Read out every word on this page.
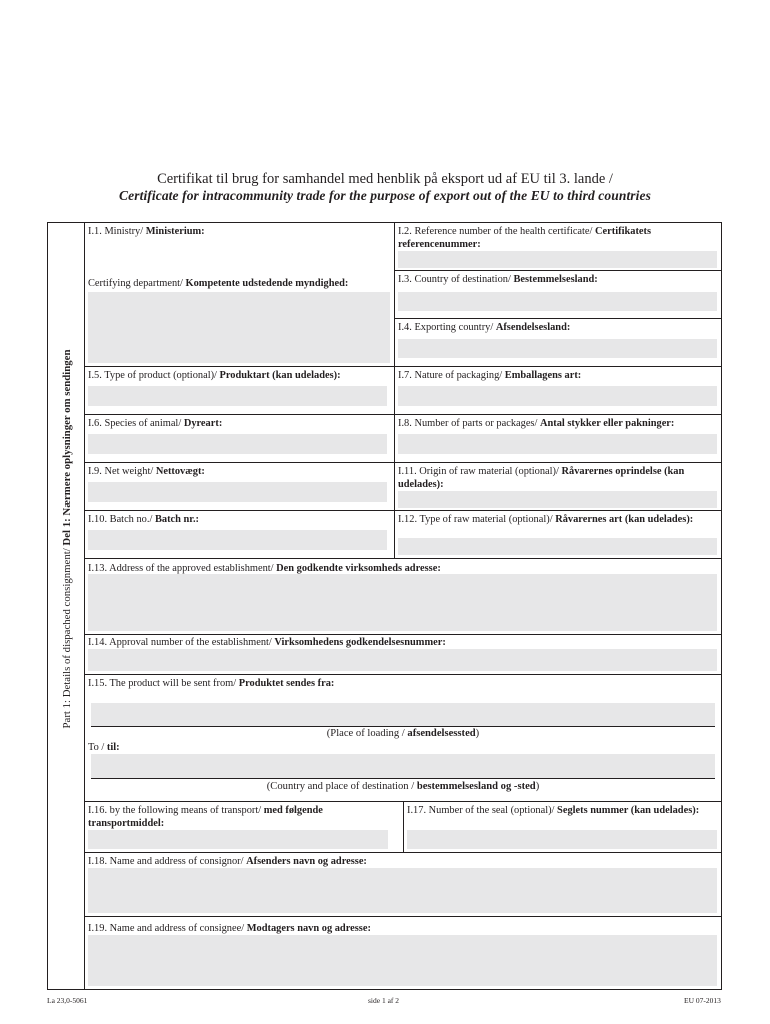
Certifikat til brug for samhandel med henblik på eksport ud af EU til 3. lande /
Certificate for intracommunity trade for the purpose of export out of the EU to third countries
Part 1: Details of dispached consignment/ Del 1: Nærmere oplysninger om sendingen
I.1. Ministry/ Ministerium:
Certifying department/ Kompetente udstedende myndighed:
I.2. Reference number of the health certificate/ Certifikatets referencenummer:
I.3. Country of destination/ Bestemmelsesland:
I.4. Exporting country/ Afsendelsesland:
I.5. Type of product (optional)/ Produktart (kan udelades):	I.7. Nature of packaging/ Emballagens art:
I.6. Species of animal/ Dyreart:	I.8. Number of parts or packages/ Antal stykker eller pakninger:
I.9. Net weight/ Nettovægt:	I.11. Origin of raw material (optional)/ Råvarernes oprindelse (kan udelades):
I.10. Batch no./ Batch nr.:	I.12. Type of raw material (optional)/ Råvarernes art (kan udelades):
I.13. Address of the approved establishment/ Den godkendte virksomheds adresse:
I.14. Approval number of the establishment/ Virksomhedens godkendelsesnummer:
I.15. The product will be sent from/ Produktet sendes fra:
(Place of loading / afsendelsessted)
To / til:
(Country and place of destination / bestemmelsesland og -sted)
I.16. by the following means of transport/ med følgende transportmiddel:
I.17. Number of the seal (optional)/ Seglets nummer (kan udelades):
I.18. Name and address of consignor/ Afsenders navn og adresse:
I.19. Name and address of consignee/ Modtagers navn og adresse:
La 23,0-5061	side 1 af 2	EU 07-2013
